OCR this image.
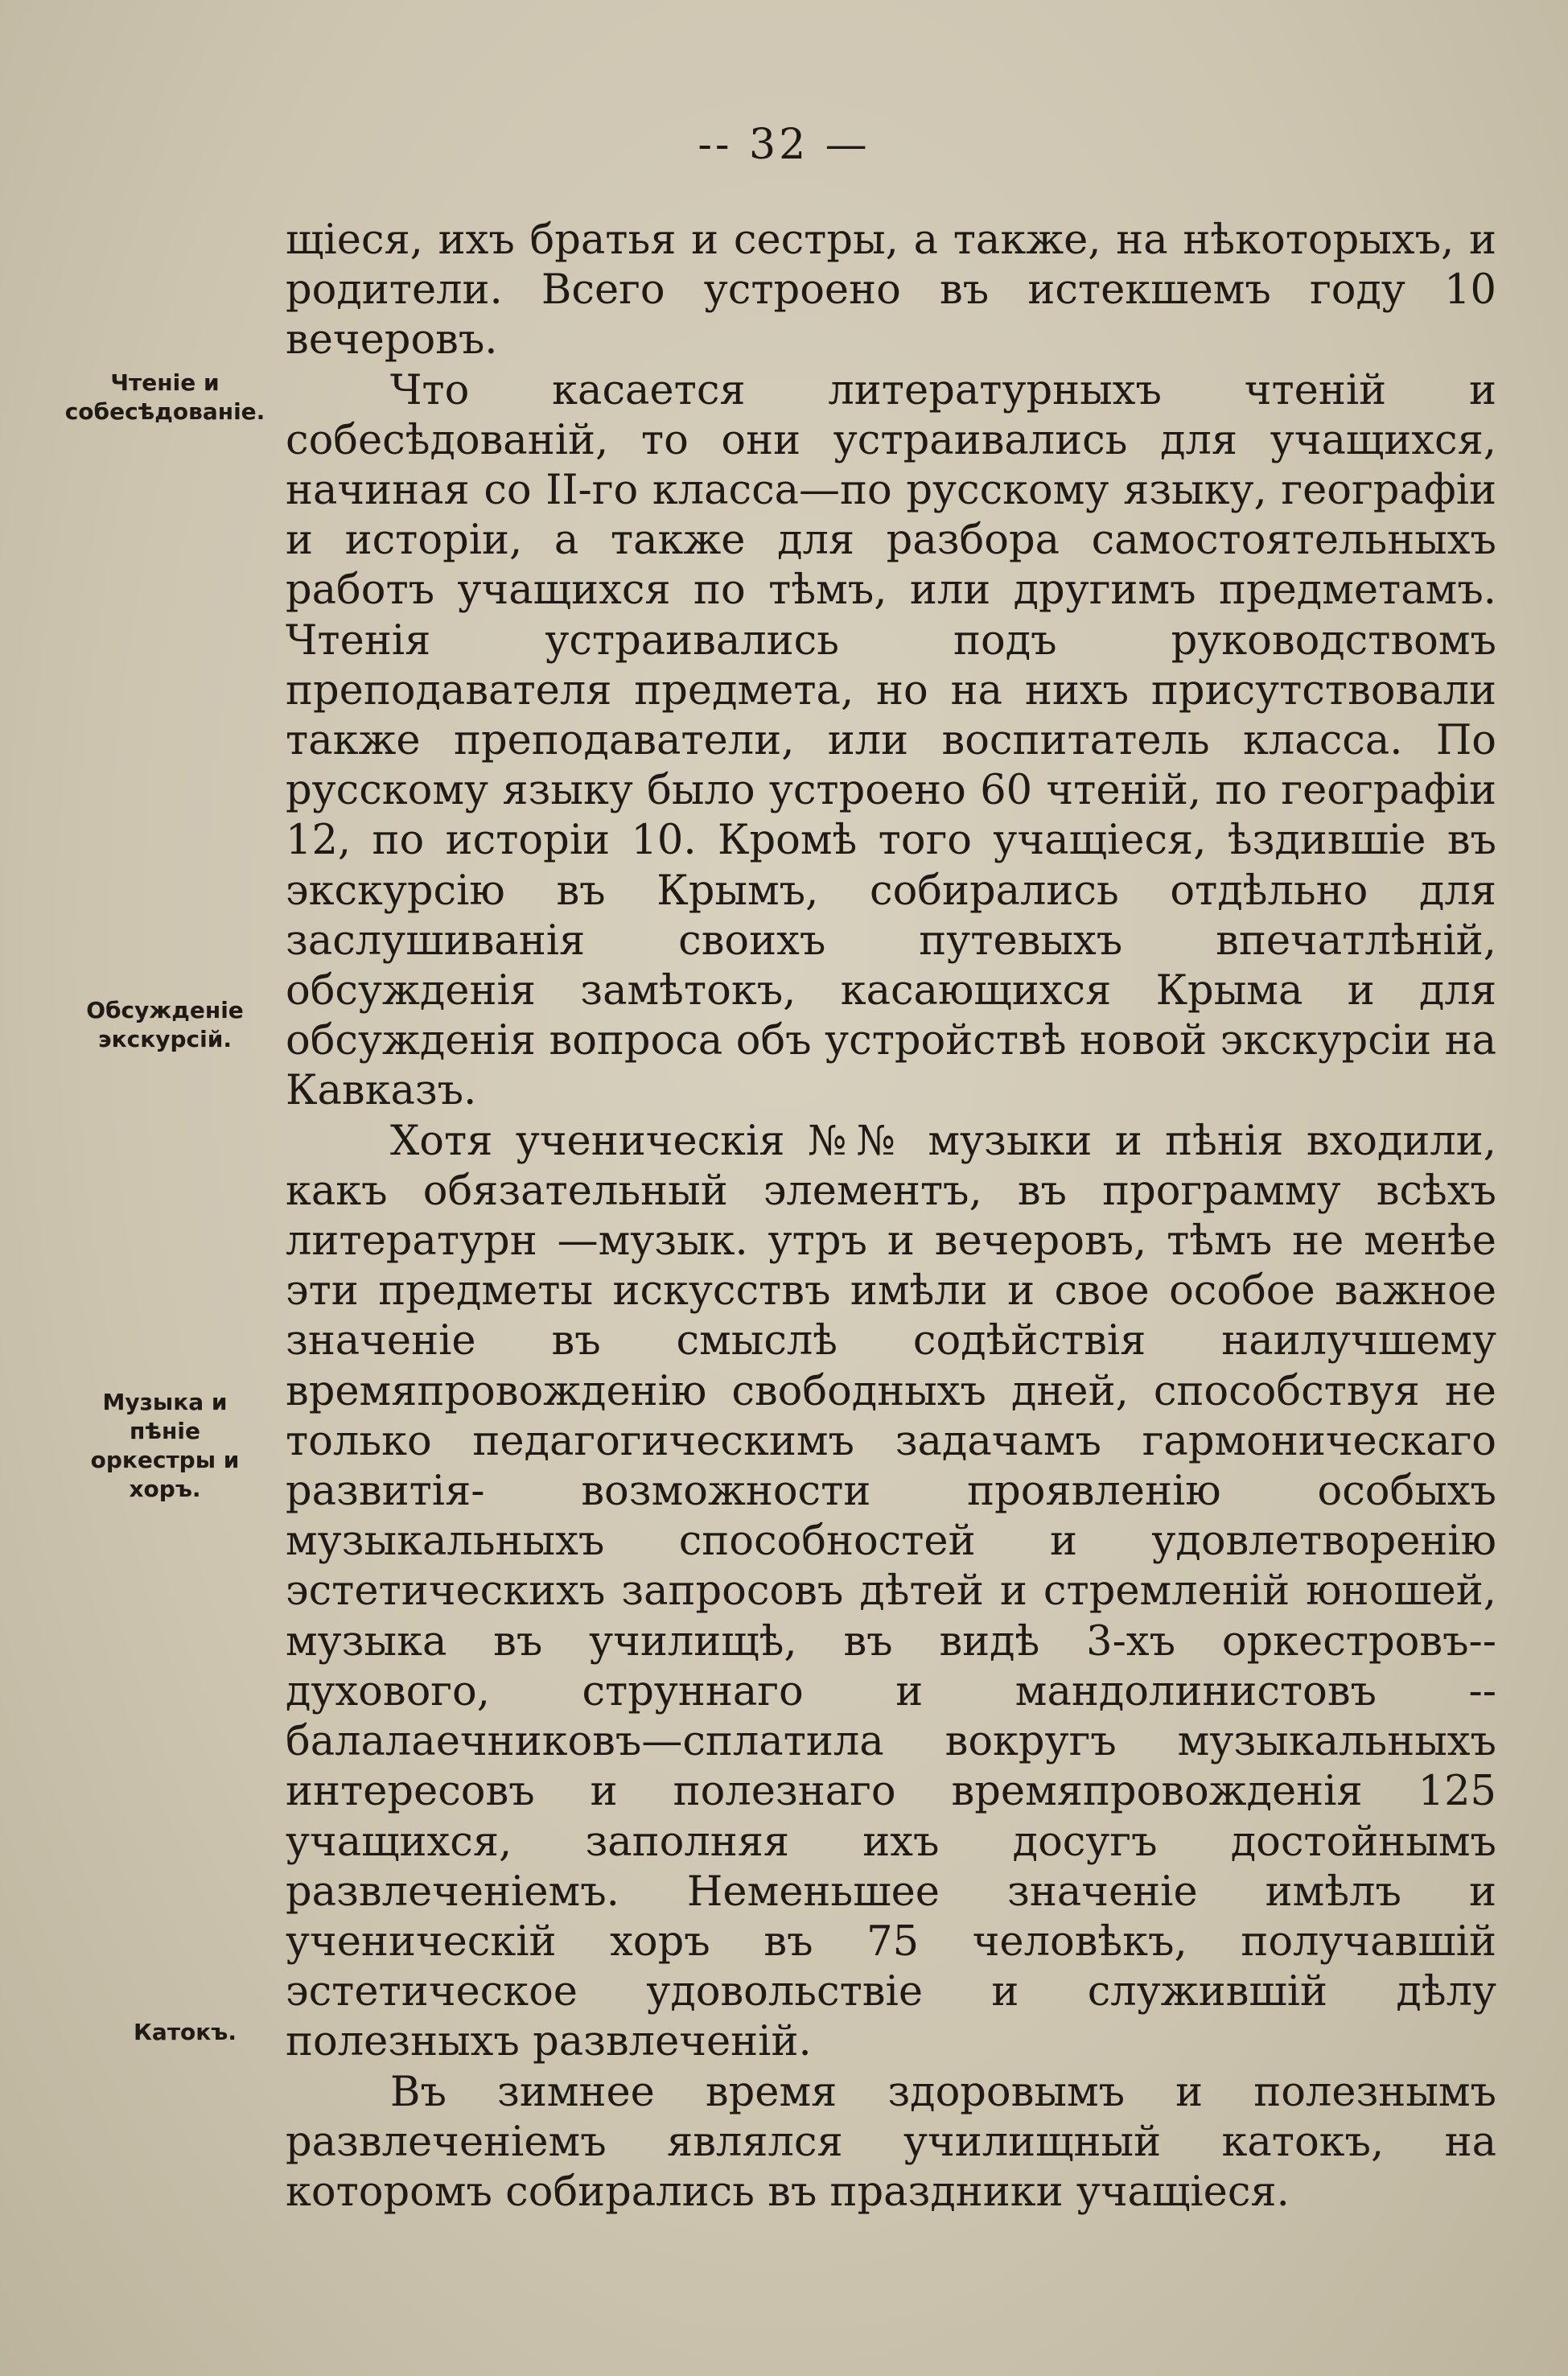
-- 32 —
Чтеніе и
собесѣдованіе.
Обсужденіе
экскурсій.
Музыка и
пѣніе
оркестры и
хоръ.
Катокъ.

щіеся, ихъ братья и сестры, а также, на нѣкоторыхъ, и родители. Всего устроено въ истекшемъ году 10 вечеровъ.

Что касается литературныхъ чтеній и собесѣдованій, то они устраивались для учащихся, начиная со II-го класса—по русскому языку, географіи и исторіи, а также для разбора самостоятельныхъ работъ учащихся по тѣмъ, или другимъ предметамъ. Чтенія устраивались подъ руководствомъ преподавателя предмета, но на нихъ присутствовали также преподаватели, или воспитатель класса. По русскому языку было устроено 60 чтеній, по географіи 12, по исторіи 10. Кромѣ того учащіеся, ѣздившіе въ экскурсію въ Крымъ, собирались отдѣльно для заслушиванія своихъ путевыхъ впечатлѣній, обсужденія замѣтокъ, касающихся Крыма и для обсужденія вопроса объ устройствѣ новой экскурсіи на Кавказъ.

Хотя ученическія №№ музыки и пѣнія входили, какъ обязательный элементъ, въ программу всѣхъ литературн —музык. утръ и вечеровъ, тѣмъ не менѣе эти предметы искусствъ имѣли и свое особое важное значеніе въ смыслѣ содѣйствія наилучшему времяпровожденію свободныхъ дней, способствуя не только педагогическимъ задачамъ гармоническаго развитія- возможности проявленію особыхъ музыкальныхъ способностей и удовлетворенію эстетическихъ запросовъ дѣтей и стремленій юношей, музыка въ училищѣ, въ видѣ 3-хъ оркестровъ--духового, струннаго и мандолинистовъ --балалаечниковъ—сплатила вокругъ музыкальныхъ интересовъ и полезнаго времяпровожденія 125 учащихся, заполняя ихъ досугъ достойнымъ развлеченіемъ. Неменьшее значеніе имѣлъ и ученическій хоръ въ 75 человѣкъ, получавшій эстетическое удовольствіе и служившій дѣлу полезныхъ развлеченій.

Въ зимнее время здоровымъ и полезнымъ развлеченіемъ являлся училищный катокъ, на которомъ собирались въ праздники учащіеся.
